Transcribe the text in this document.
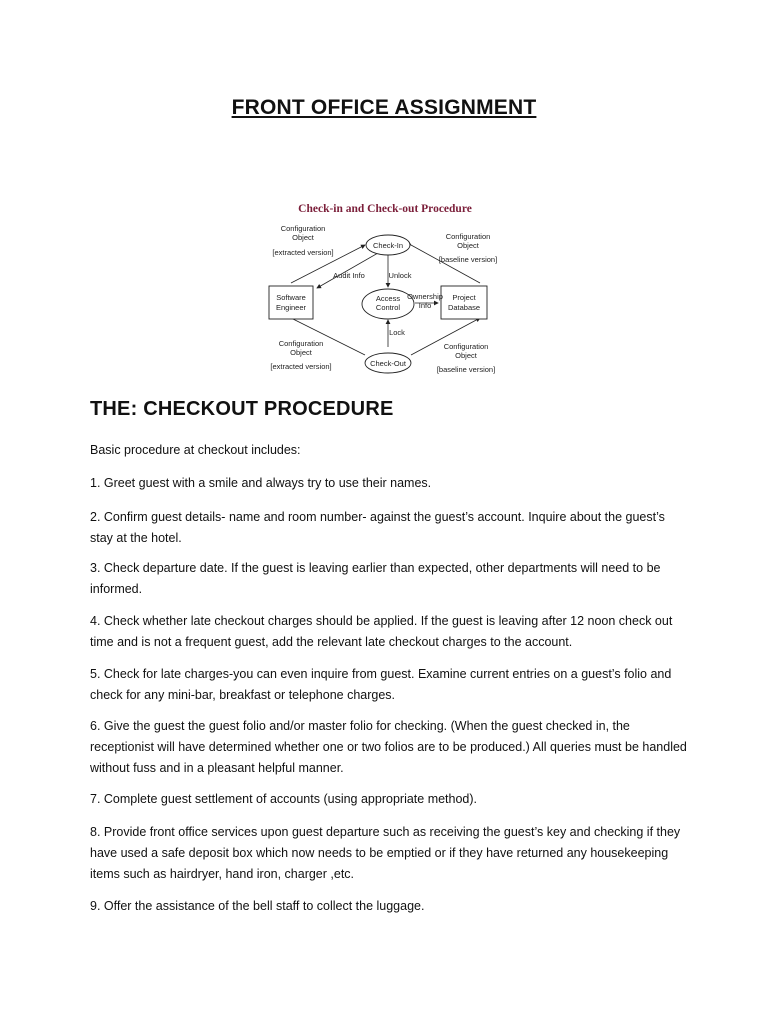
FRONT OFFICE ASSIGNMENT
Check-in and Check-out Procedure
Check-In
Check-Out
Access
Control
Software
Engineer
Project
Database
Configuration
Object
[extracted version]
Configuration
Object
[baseline version]
Configuration
Object
[extracted version]
Configuration
Object
[baseline version]
Audit Info	Unlock
Ownership
Info
Lock
THE: CHECKOUT PROCEDURE
Basic procedure at checkout includes:
1. Greet guest with a smile and always try to use their names.
2. Confirm guest details- name and room number- against the guest’s account. Inquire about the guest’s stay at the hotel.
3. Check departure date. If the guest is leaving earlier than expected, other departments will need to be informed.
4. Check whether late checkout charges should be applied. If the guest is leaving after 12 noon check out time and is not a frequent guest, add the relevant late checkout charges to the account.
5. Check for late charges-you can even inquire from guest. Examine current entries on a guest’s folio and check for any mini-bar, breakfast or telephone charges.
6. Give the guest the guest folio and/or master folio for checking. (When the guest checked in, the receptionist will have determined whether one or two folios are to be produced.) All queries must be handled without fuss and in a pleasant helpful manner.
7. Complete guest settlement of accounts (using appropriate method).
8. Provide front office services upon guest departure such as receiving the guest’s key and checking if they have used a safe deposit box which now needs to be emptied or if they have returned any housekeeping items such as hairdryer, hand iron, charger ,etc.
9. Offer the assistance of the bell staff to collect the luggage.
